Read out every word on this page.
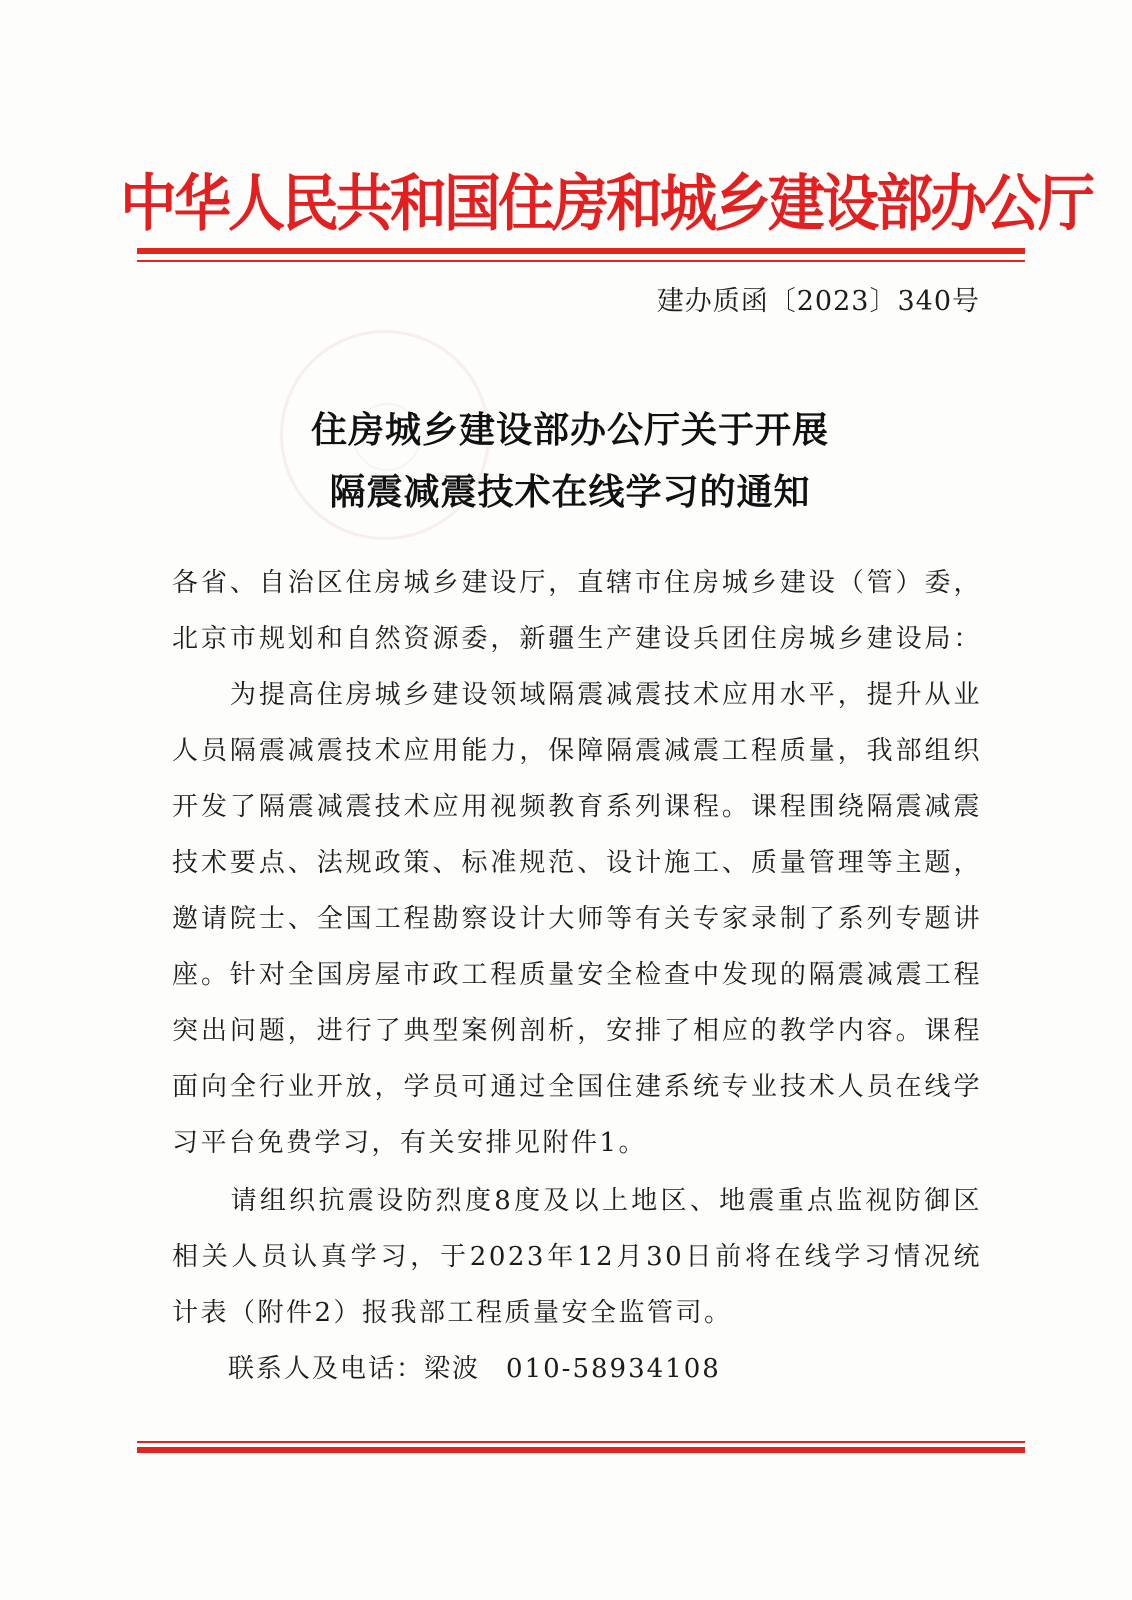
中华人民共和国住房和城乡建设部办公厅
建办质函〔2023〕340号
住房城乡建设部办公厅关于开展
隔震减震技术在线学习的通知
各省、自治区住房城乡建设厅，直辖市住房城乡建设（管）委，
北京市规划和自然资源委，新疆生产建设兵团住房城乡建设局：
　　为提高住房城乡建设领域隔震减震技术应用水平，提升从业
人员隔震减震技术应用能力，保障隔震减震工程质量，我部组织
开发了隔震减震技术应用视频教育系列课程。课程围绕隔震减震
技术要点、法规政策、标准规范、设计施工、质量管理等主题，
邀请院士、全国工程勘察设计大师等有关专家录制了系列专题讲
座。针对全国房屋市政工程质量安全检查中发现的隔震减震工程
突出问题，进行了典型案例剖析，安排了相应的教学内容。课程
面向全行业开放，学员可通过全国住建系统专业技术人员在线学
习平台免费学习，有关安排见附件1。
　　请组织抗震设防烈度8度及以上地区、地震重点监视防御区
相关人员认真学习，于2023年12月30日前将在线学习情况统
计表（附件2）报我部工程质量安全监管司。
联系人及电话：梁波 010-58934108
